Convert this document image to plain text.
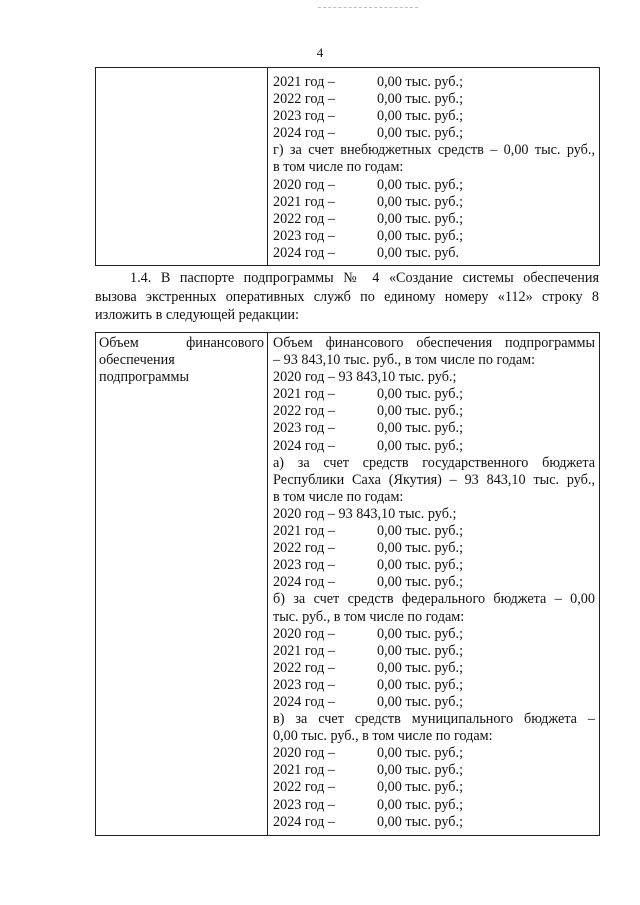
4

2021 год –	0,00 тыс. руб.;
2022 год –	0,00 тыс. руб.;
2023 год –	0,00 тыс. руб.;
2024 год –	0,00 тыс. руб.;
г) за счет внебюджетных средств – 0,00 тыс. руб.,
в том числе по годам:
2020 год –	0,00 тыс. руб.;
2021 год –	0,00 тыс. руб.;
2022 год –	0,00 тыс. руб.;
2023 год –	0,00 тыс. руб.;
2024 год –	0,00 тыс. руб.
1.4. В паспорте подпрограммы № 4 «Создание системы обеспечения
вызова экстренных оперативных служб по единому номеру «112» строку 8
изложить в следующей редакции:
Объем финансового
обеспечения
подпрограммы

Объем финансового обеспечения подпрограммы
– 93 843,10 тыс. руб., в том числе по годам:
2020 год – 93 843,10 тыс. руб.;
2021 год –	0,00 тыс. руб.;
2022 год –	0,00 тыс. руб.;
2023 год –	0,00 тыс. руб.;
2024 год –	0,00 тыс. руб.;
а) за счет средств государственного бюджета
Республики Саха (Якутия) – 93 843,10 тыс. руб.,
в том числе по годам:
2020 год – 93 843,10 тыс. руб.;
2021 год –	0,00 тыс. руб.;
2022 год –	0,00 тыс. руб.;
2023 год –	0,00 тыс. руб.;
2024 год –	0,00 тыс. руб.;
б) за счет средств федерального бюджета – 0,00
тыс. руб., в том числе по годам:
2020 год –	0,00 тыс. руб.;
2021 год –	0,00 тыс. руб.;
2022 год –	0,00 тыс. руб.;
2023 год –	0,00 тыс. руб.;
2024 год –	0,00 тыс. руб.;
в) за счет средств муниципального бюджета –
0,00 тыс. руб., в том числе по годам:
2020 год –	0,00 тыс. руб.;
2021 год –	0,00 тыс. руб.;
2022 год –	0,00 тыс. руб.;
2023 год –	0,00 тыс. руб.;
2024 год –	0,00 тыс. руб.;
